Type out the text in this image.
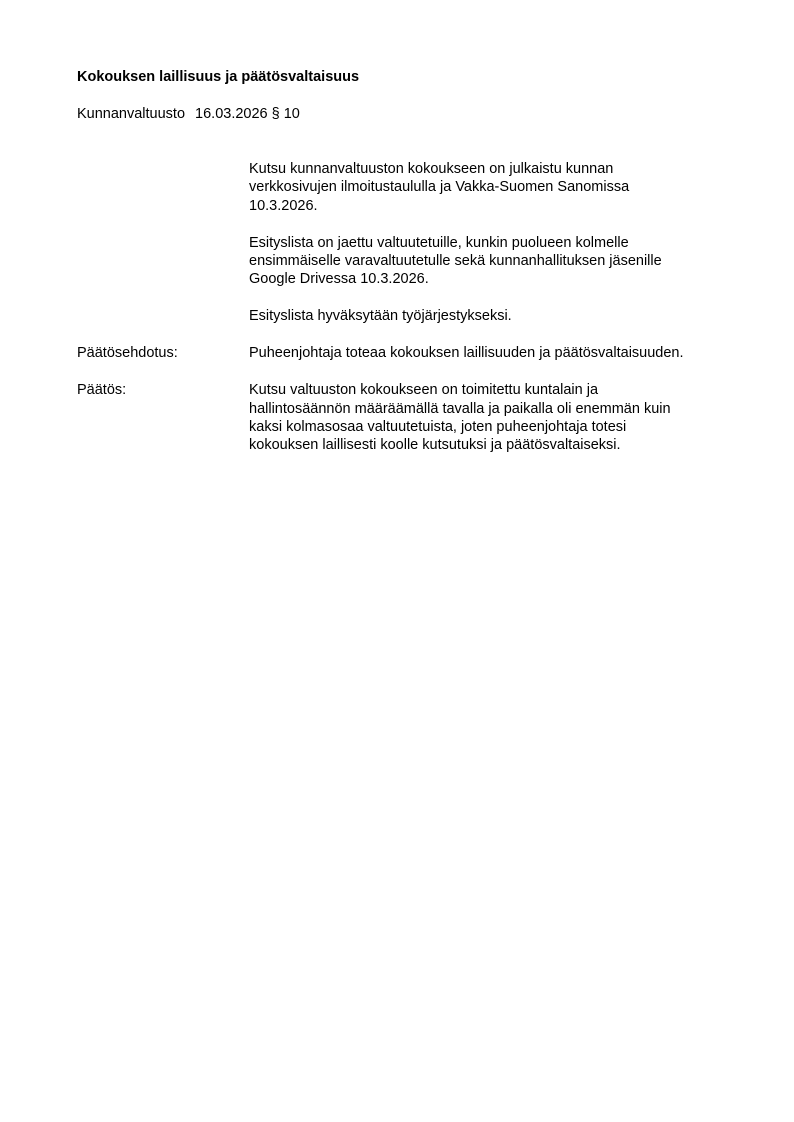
Kokouksen laillisuus ja päätösvaltaisuus
Kunnanvaltuusto 16.03.2026 § 10
Kutsu kunnanvaltuuston kokoukseen on julkaistu kunnan
verkkosivujen ilmoitustaululla ja Vakka-Suomen Sanomissa
10.3.2026.
Esityslista on jaettu valtuutetuille, kunkin puolueen kolmelle
ensimmäiselle varavaltuutetulle sekä kunnanhallituksen jäsenille
Google Drivessa 10.3.2026.
Esityslista hyväksytään työjärjestykseksi.
Päätösehdotus:	Puheenjohtaja toteaa kokouksen laillisuuden ja päätösvaltaisuuden.
Päätös:	Kutsu valtuuston kokoukseen on toimitettu kuntalain ja
hallintosäännön määräämällä tavalla ja paikalla oli enemmän kuin
kaksi kolmasosaa valtuutetuista, joten puheenjohtaja totesi
kokouksen laillisesti koolle kutsutuksi ja päätösvaltaiseksi.
